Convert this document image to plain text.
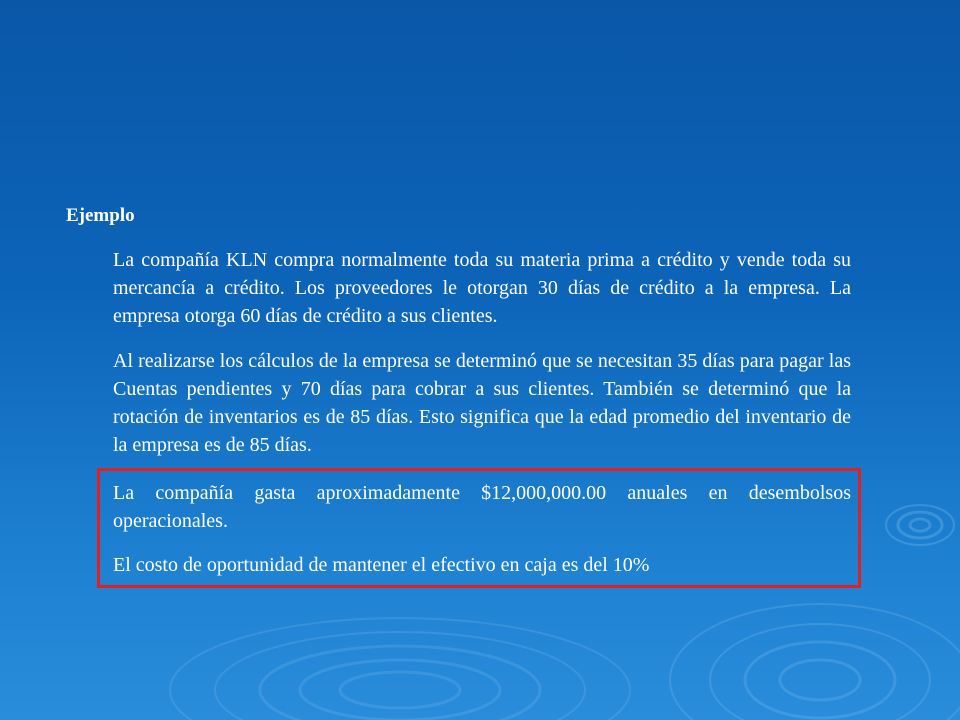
Ejemplo

La compañía KLN compra normalmente toda su materia prima a crédito y vende toda su mercancía a crédito. Los proveedores le otorgan 30 días de crédito a la empresa. La empresa otorga 60 días de crédito a sus clientes.

Al realizarse los cálculos de la empresa se determinó que se necesitan 35 días para pagar las Cuentas pendientes y 70 días para cobrar a sus clientes. También se determinó que la rotación de inventarios es de 85 días. Esto significa que la edad promedio del inventario de la empresa es de 85 días.

La compañía gasta aproximadamente $12,000,000.00 anuales en desembolsos operacionales.

El costo de oportunidad de mantener el efectivo en caja es del 10%
